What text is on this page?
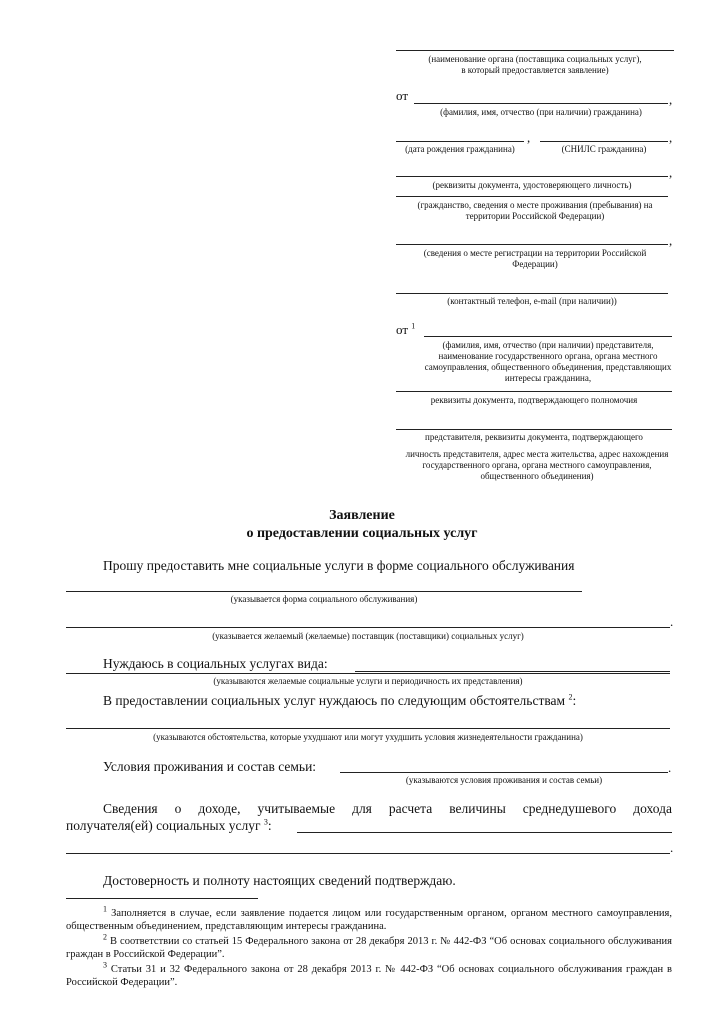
(наименование органа (поставщика социальных услуг),
в который предоставляется заявление)
от	,
(фамилия, имя, отчество (при наличии) гражданина)
,	,
(дата рождения гражданина)	(СНИЛС гражданина)
,
(реквизиты документа, удостоверяющего личность)
(гражданство, сведения о месте проживания (пребывания) на территории Российской Федерации)
,
(сведения о месте регистрации на территории Российской Федерации)
(контактный телефон, e-mail (при наличии))
от $^1$
(фамилия, имя, отчество (при наличии) представителя, наименование государственного органа, органа местного самоуправления, общественного объединения, представляющих интересы гражданина,
реквизиты документа, подтверждающего полномочия
представителя, реквизиты документа, подтверждающего
личность представителя, адрес места жительства, адрес нахождения государственного органа, органа местного самоуправления, общественного объединения)
Заявление
о предоставлении социальных услуг
Прошу предоставить мне социальные услуги в форме социального обслуживания
(указывается форма социального обслуживания)
.
(указывается желаемый (желаемые) поставщик (поставщики) социальных услуг)
Нуждаюсь в социальных услугах вида:
(указываются желаемые социальные услуги и периодичность их представления)
В предоставлении социальных услуг нуждаюсь по следующим обстоятельствам $^2$:
(указываются обстоятельства, которые ухудшают или могут ухудшить условия жизнедеятельности гражданина)
Условия проживания и состав семьи:	.
(указываются условия проживания и состав семьи)
Сведения о доходе, учитываемые для расчета величины среднедушевого дохода
получателя(ей) социальных услуг $^3$:
.
Достоверность и полноту настоящих сведений подтверждаю.
$^1$ Заполняется в случае, если заявление подается лицом или государственным органом, органом местного самоуправления, общественным объединением, представляющим интересы гражданина.
$^2$ В соответствии со статьей 15 Федерального закона от 28 декабря 2013 г. № 442-ФЗ “Об основах социального обслуживания граждан в Российской Федерации”.
$^3$ Статьи 31 и 32 Федерального закона от 28 декабря 2013 г. № 442-ФЗ “Об основах социального обслуживания граждан в Российской Федерации”.
